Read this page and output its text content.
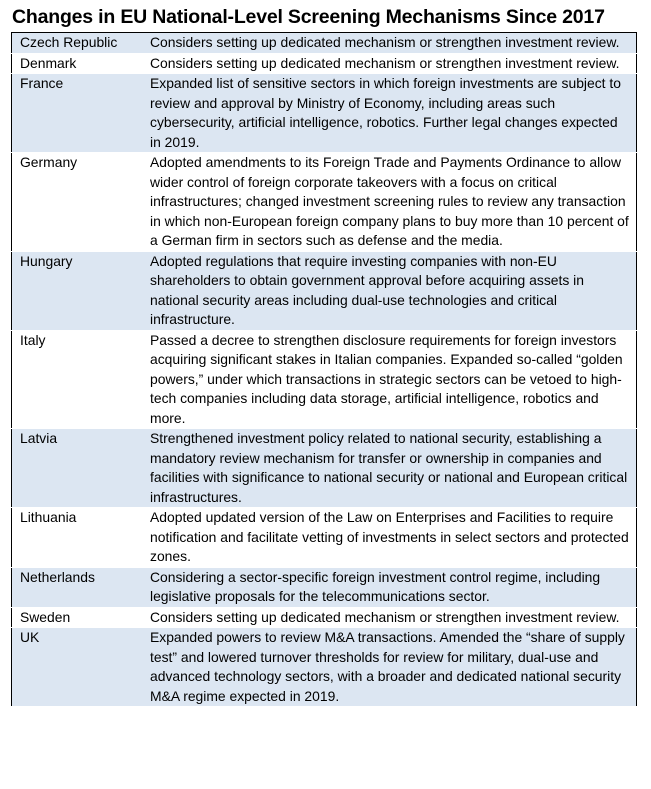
Changes in EU National-Level Screening Mechanisms Since 2017
Czech Republic	Considers setting up dedicated mechanism or strengthen investment review.
Denmark	Considers setting up dedicated mechanism or strengthen investment review.
France	Expanded list of sensitive sectors in which foreign investments are subject to review and approval by Ministry of Economy, including areas such cybersecurity, artificial intelligence, robotics. Further legal changes expected in 2019.
Germany	Adopted amendments to its Foreign Trade and Payments Ordinance to allow wider control of foreign corporate takeovers with a focus on critical infrastructures; changed investment screening rules to review any transaction in which non-European foreign company plans to buy more than 10 percent of a German firm in sectors such as defense and the media.
Hungary	Adopted regulations that require investing companies with non-EU shareholders to obtain government approval before acquiring assets in national security areas including dual-use technologies and critical infrastructure.
Italy	Passed a decree to strengthen disclosure requirements for foreign investors acquiring significant stakes in Italian companies. Expanded so-called “golden powers,” under which transactions in strategic sectors can be vetoed to high-tech companies including data storage, artificial intelligence, robotics and more.
Latvia	Strengthened investment policy related to national security, establishing a mandatory review mechanism for transfer or ownership in companies and facilities with significance to national security or national and European critical infrastructures.
Lithuania	Adopted updated version of the Law on Enterprises and Facilities to require notification and facilitate vetting of investments in select sectors and protected zones.
Netherlands	Considering a sector-specific foreign investment control regime, including legislative proposals for the telecommunications sector.
Sweden	Considers setting up dedicated mechanism or strengthen investment review.
UK	Expanded powers to review M&A transactions. Amended the “share of supply test” and lowered turnover thresholds for review for military, dual-use and advanced technology sectors, with a broader and dedicated national security M&A regime expected in 2019.
